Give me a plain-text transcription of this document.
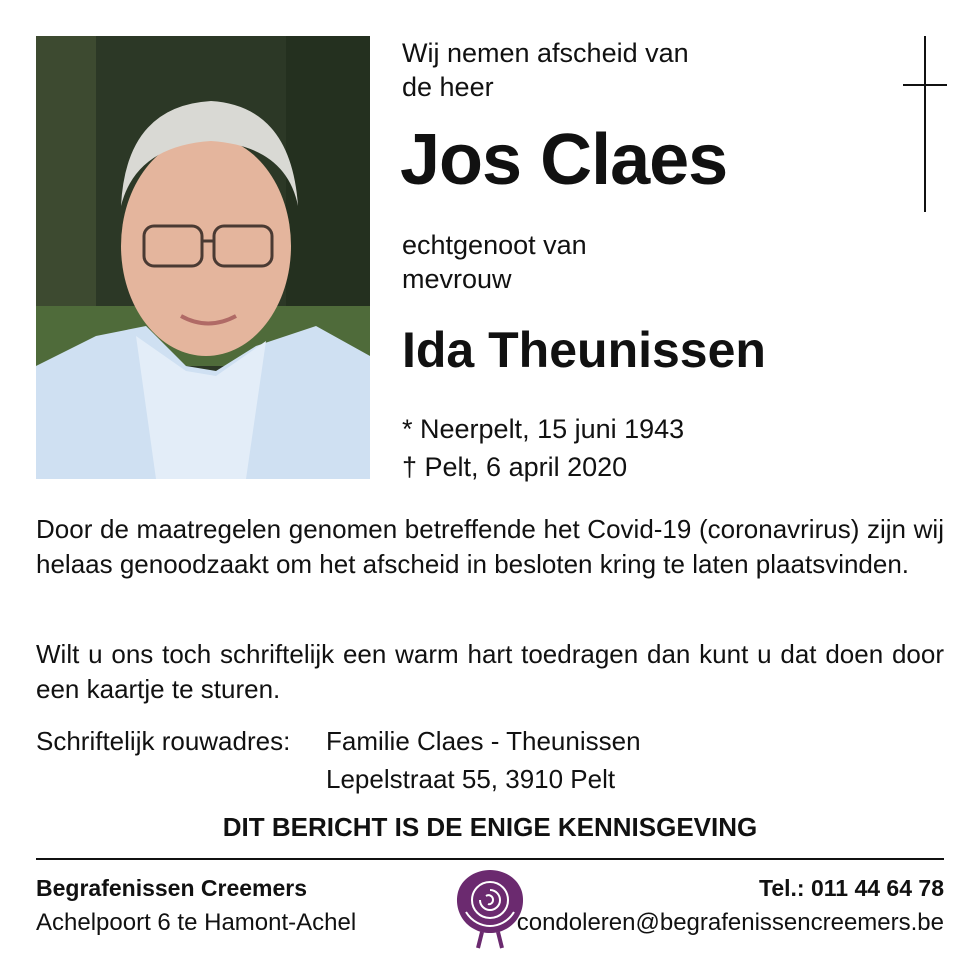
Wij nemen afscheid van
de heer
Jos Claes
echtgenoot van
mevrouw
Ida Theunissen
* Neerpelt, 15 juni 1943
† Pelt, 6 april 2020
Door de maatregelen genomen betreffende het Covid-19 (coronavrirus) zijn wij helaas genoodzaakt om het afscheid in besloten kring te laten plaatsvinden.
Wilt u ons toch schriftelijk een warm hart toedragen dan kunt u dat doen door een kaartje te sturen.
Schriftelijk rouwadres: Familie Claes - Theunissen
Lepelstraat 55, 3910 Pelt
DIT BERICHT IS DE ENIGE KENNISGEVING
Begrafenissen Creemers
Achelpoort 6 te Hamont-Achel
Tel.: 011 44 64 78
condoleren@begrafenissencreemers.be
